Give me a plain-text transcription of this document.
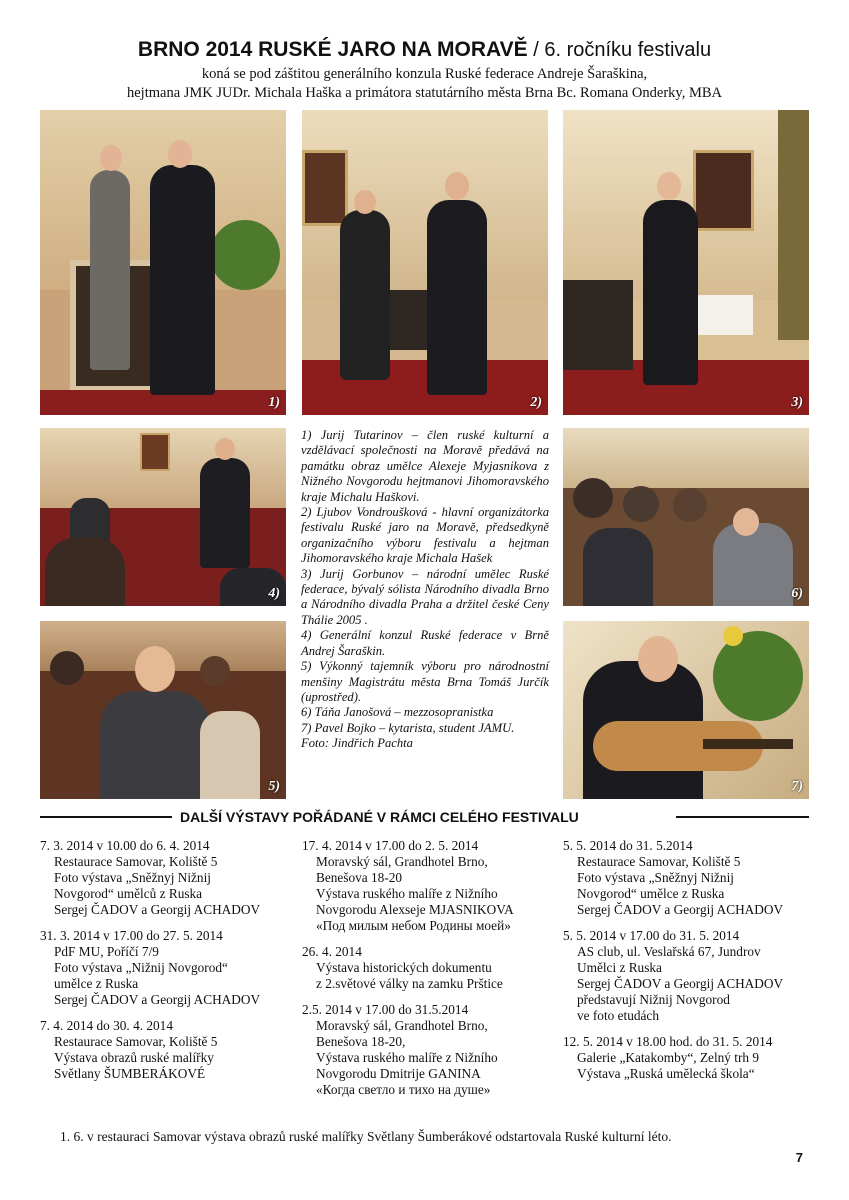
BRNO 2014 RUSKÉ JARO NA MORAVĚ / 6. ročníku festivalu
koná se pod záštitou generálního konzula Ruské federace Andreje Šaraškina,
hejtmana JMK JUDr. Michala Haška a primátora statutárního města Brna Bc. Romana Onderky, MBA
1)	2)	3)
4)	6)
5)	7)

1) Jurij Tutarinov – člen ruské kulturní a vzdělávací společnosti na Moravě předává na památku obraz umělce Alexeje Myjasnikova z Nižného Novgorodu hejtmanovi Jihomoravského kraje Michalu Haškovi.

2) Ljubov Vondroušková - hlavní organizátorka festivalu Ruské jaro na Moravě, předsedkyně organizačního výboru festivalu a hejtman Jihomoravského kraje Michala Hašek

3) Jurij Gorbunov – národní umělec Ruské federace, bývalý sólista Národního divadla Brno a Národního divadla Praha a držitel české Ceny Thálie 2005 .

4) Generální konzul Ruské federace v Brně Andrej Šaraškin.

5) Výkonný tajemník výboru pro národnostní menšiny Magistrátu města Brna Tomáš Jurčík (uprostřed).

6) Táňa Janošová – mezzosopranistka

7) Pavel Bojko – kytarista, student JAMU.

Foto: Jindřich Pachta

DALŠÍ VÝSTAVY POŘÁDANÉ V RÁMCI CELÉHO FESTIVALU
7. 3. 2014 v 10.00 do 6. 4. 2014
Restaurace Samovar, Koliště 5
Foto výstava „Sněžnyj Nižnij
Novgorod“ umělců z Ruska
Sergej ČADOV a Georgij ACHADOV
31. 3. 2014 v 17.00 do 27. 5. 2014
PdF MU, Poříčí 7/9
Foto výstava „Nižnij Novgorod“
umělce z Ruska
Sergej ČADOV a Georgij ACHADOV
7. 4. 2014 do 30. 4. 2014
Restaurace Samovar, Koliště 5
Výstava obrazů ruské malířky
Světlany ŠUMBERÁKOVÉ
17. 4. 2014 v 17.00 do 2. 5. 2014
Moravský sál, Grandhotel Brno,
Benešova 18-20
Výstava ruského malíře z Nižního
Novgorodu Alexseje MJASNIKOVA
«Под милым небом Родины моей»
26. 4. 2014
Výstava historických dokumentu
z 2.světové války na zamku Prštice
2.5. 2014 v 17.00 do 31.5.2014
Moravský sál, Grandhotel Brno,
Benešova 18-20,
Výstava ruského malíře z Nižního
Novgorodu Dmitrije GANINA
«Когда светло и тихо на душе»
5. 5. 2014 do 31. 5.2014
Restaurace Samovar, Koliště 5
Foto výstava „Sněžnyj Nižnij
Novgorod“ umělce z Ruska
Sergej ČADOV a Georgij ACHADOV
5. 5. 2014 v 17.00 do 31. 5. 2014
AS club, ul. Veslařská 67, Jundrov
Umělci z Ruska
Sergej ČADOV a Georgij ACHADOV
představují Nižnij Novgorod
ve foto etudách
12. 5. 2014 v 18.00 hod. do 31. 5. 2014
Galerie „Katakomby“, Zelný trh 9
Výstava „Ruská umělecká škola“
1. 6. v restauraci Samovar výstava obrazů ruské malířky Světlany Šumberákové odstartovala Ruské kulturní léto.
7
